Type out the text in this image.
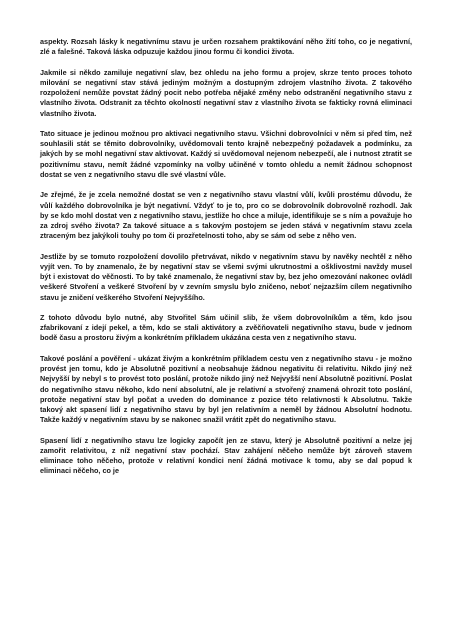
aspekty. Rozsah lásky k negativnímu stavu je určen rozsahem praktikování něho žití toho, co je negativní, zlé a falešné. Taková láska odpuzuje každou jinou formu či kondici života.

Jakmile si někdo zamiluje negativní slav, bez ohledu na jeho formu a projev, skrze tento proces tohoto milování se negativní stav stává jediným možným a dostupným zdrojem vlastního života. Z takového rozpoložení nemůže povstat žádný pocit nebo potřeba nějaké změny nebo odstranění negativního stavu z vlastního života. Odstranit za těchto okolností negativní stav z vlastního života se fakticky rovná eliminaci vlastního života.

Tato situace je jedinou možnou pro aktivaci negativního stavu. Všichni dobrovolníci v něm si před tím, než souhlasili stát se těmito dobrovolníky, uvědomovali tento krajně nebezpečný požadavek a podmínku, za jakých by se mohl negativní stav aktivovat. Každý si uvědomoval nejenom nebezpečí, ale i nutnost ztratit se pozitivnímu stavu, nemít žádné vzpomínky na volby učiněné v tomto ohledu a nemít žádnou schopnost dostat se ven z negativního stavu dle své vlastní vůle.

Je zřejmé, že je zcela nemožné dostat se ven z negativního stavu vlastní vůlí, kvůli prostému důvodu, že vůlí každého dobrovolníka je být negativní. Vždyť to je to, pro co se dobrovolník dobrovolně rozhodl. Jak by se kdo mohl dostat ven z negativního stavu, jestliže ho chce a miluje, identifikuje se s ním a považuje ho za zdroj svého života? Za takové situace a s takovým postojem se jeden stává v negativním stavu zcela ztraceným bez jakýkoli touhy po tom či prozřetelnosti toho, aby se sám od sebe z něho ven.

Jestliže by se tomuto rozpoložení dovolilo přetrvávat, nikdo v negativním stavu by navěky nechtěl z něho vyjít ven. To by znamenalo, že by negativní stav se všemi svými ukrutnostmi a ošklivostmi navždy musel být i existovat do věčnosti. To by také znamenalo, že negativní stav by, bez jeho omezování nakonec ovládl veškeré Stvoření a veškeré Stvoření by v zevním smyslu bylo zničeno, neboť nejzazším cílem negativního stavu je zničení veškerého Stvoření Nejvyššího.

Z tohoto důvodu bylo nutné, aby Stvořitel Sám učinil slib, že všem dobrovolníkům a těm, kdo jsou zfabrikovaní z idejí pekel, a těm, kdo se stali aktivátory a zvěčňovateli negativního stavu, bude v jednom bodě času a prostoru živým a konkrétním příkladem ukázána cesta ven z negativního stavu.

Takové poslání a pověření - ukázat živým a konkrétním příkladem cestu ven z negativního stavu - je možno provést jen tomu, kdo je Absolutně pozitivní a neobsahuje žádnou negativitu či relativitu. Nikdo jiný než Nejvyšší by nebyl s to provést toto poslání, protože nikdo jiný než Nejvyšší není Absolutně pozitivní. Poslat do negativního stavu někoho, kdo není absolutní, ale je relativní a stvořený znamená ohrozit toto poslání, protože negativní stav byl počat a uveden do dominance z pozice této relativnosti k Absolutnu. Takže takový akt spasení lidí z negativního stavu by byl jen relativním a neměl by žádnou Absolutní hodnotu. Takže každý v negativním stavu by se nakonec snažil vrátit zpět do negativního stavu.

Spasení lidí z negativního stavu lze logicky započít jen ze stavu, který je Absolutně pozitivní a nelze jej zamořit relativitou, z níž negativní stav pochází. Stav zahájení něčeho nemůže být zároveň stavem eliminace toho něčeho, protože v relativní kondici není žádná motivace k tomu, aby se dal popud k eliminaci něčeho, co je
